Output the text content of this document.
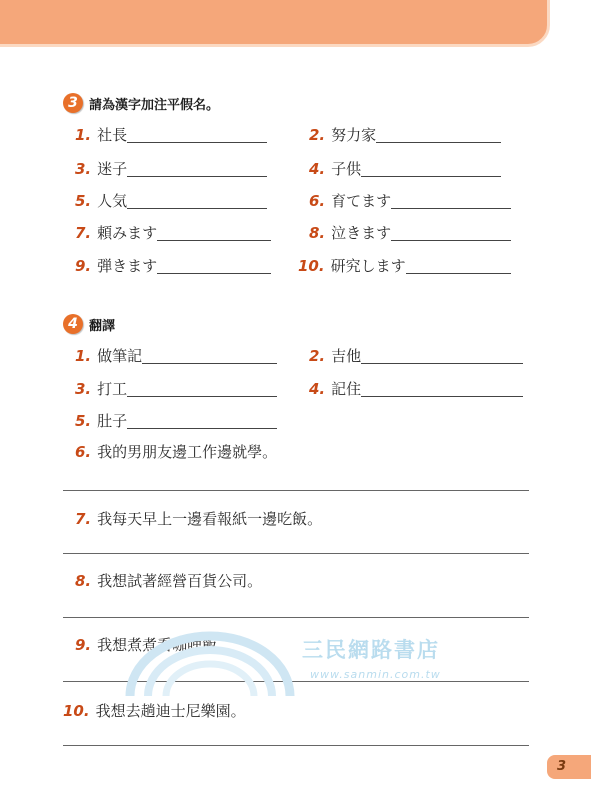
3 請為漢字加注平假名。
1. 社長	2. 努力家
3. 迷子	4. 子供
5. 人気	6. 育てます
7. 頼みます	8. 泣きます
9. 弾きます	10. 研究します
4 翻譯
1. 做筆記	2. 吉他
3. 打工	4. 記住
5. 肚子
6. 我的男朋友邊工作邊就學。
7. 我每天早上一邊看報紙一邊吃飯。
8. 我想試著經營百貨公司。
9. 我想煮煮看咖哩飯。
10. 我想去趟迪士尼樂園。
三民網路書店
www.sanmin.com.tw
3
